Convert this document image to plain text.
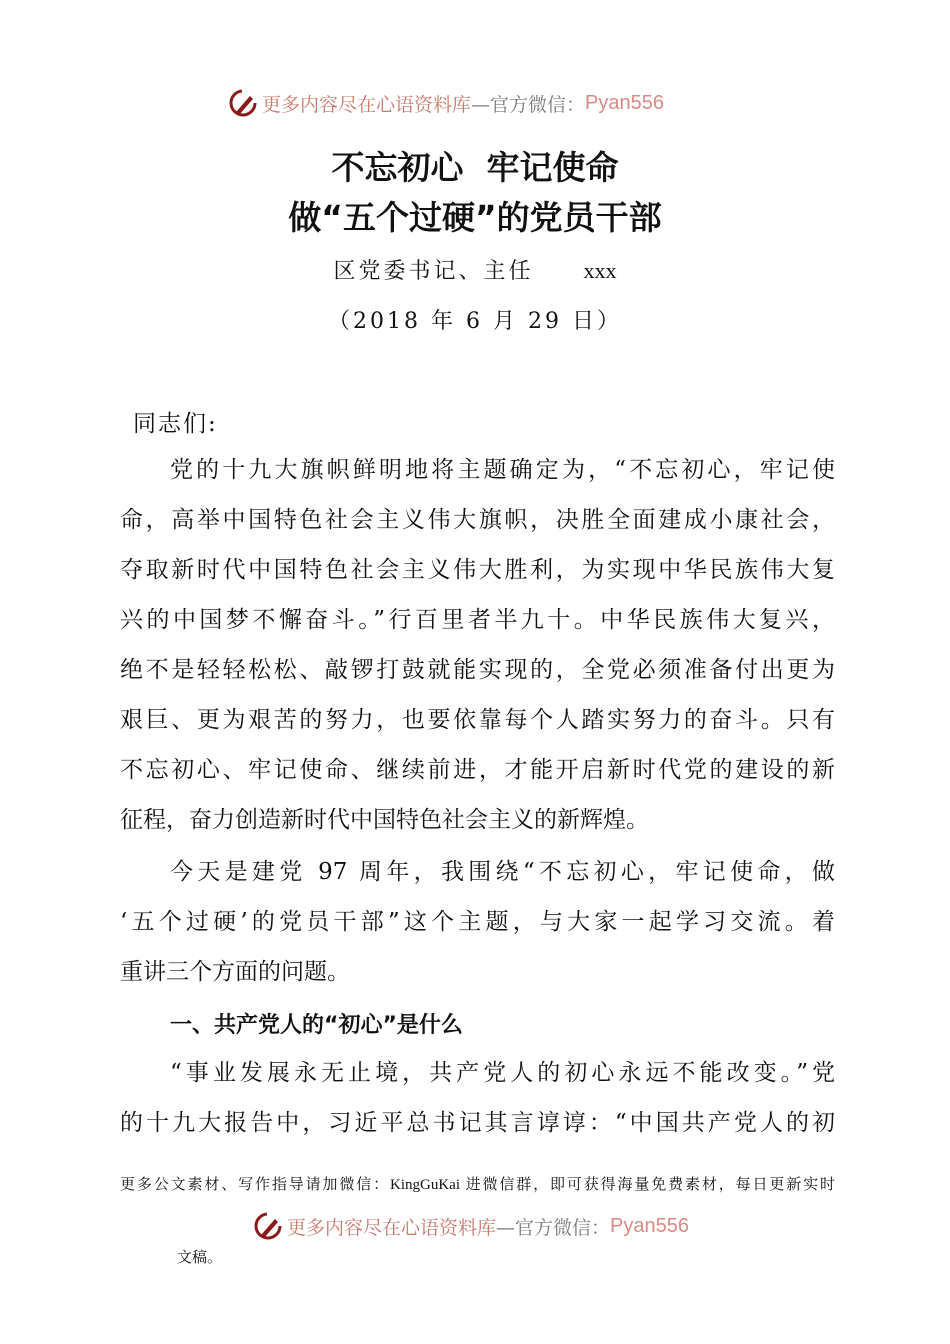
更多内容尽在心语资料库 —官方微信： Pyan556
不忘初心  牢记使命
做“五个过硬”的党员干部
区党委书记、主任 xxx
（2018 年 6 月 29 日）
同志们:
党的十九大旗帜鲜明地将主题确定为，“不忘初心，牢记使
命，高举中国特色社会主义伟大旗帜，决胜全面建成小康社会，
夺取新时代中国特色社会主义伟大胜利，为实现中华民族伟大复
兴的中国梦不懈奋斗。”行百里者半九十。中华民族伟大复兴，
绝不是轻轻松松、敲锣打鼓就能实现的，全党必须准备付出更为
艰巨、更为艰苦的努力，也要依靠每个人踏实努力的奋斗。只有
不忘初心、牢记使命、继续前进，才能开启新时代党的建设的新
征程，奋力创造新时代中国特色社会主义的新辉煌。
今天是建党 97 周年，我围绕“不忘初心，牢记使命，做
‘五个过硬’的党员干部”这个主题，与大家一起学习交流。着
重讲三个方面的问题。
“事业发展永无止境，共产党人的初心永远不能改变。”党
的十九大报告中，习近平总书记其言谆谆：“中国共产党人的初
一、共产党人的“初心”是什么
更多公文素材、写作指导请加微信：KingGuKai 进微信群，即可获得海量免费素材，每日更新实时
更多内容尽在心语资料库 —官方微信： Pyan556
文稿。
